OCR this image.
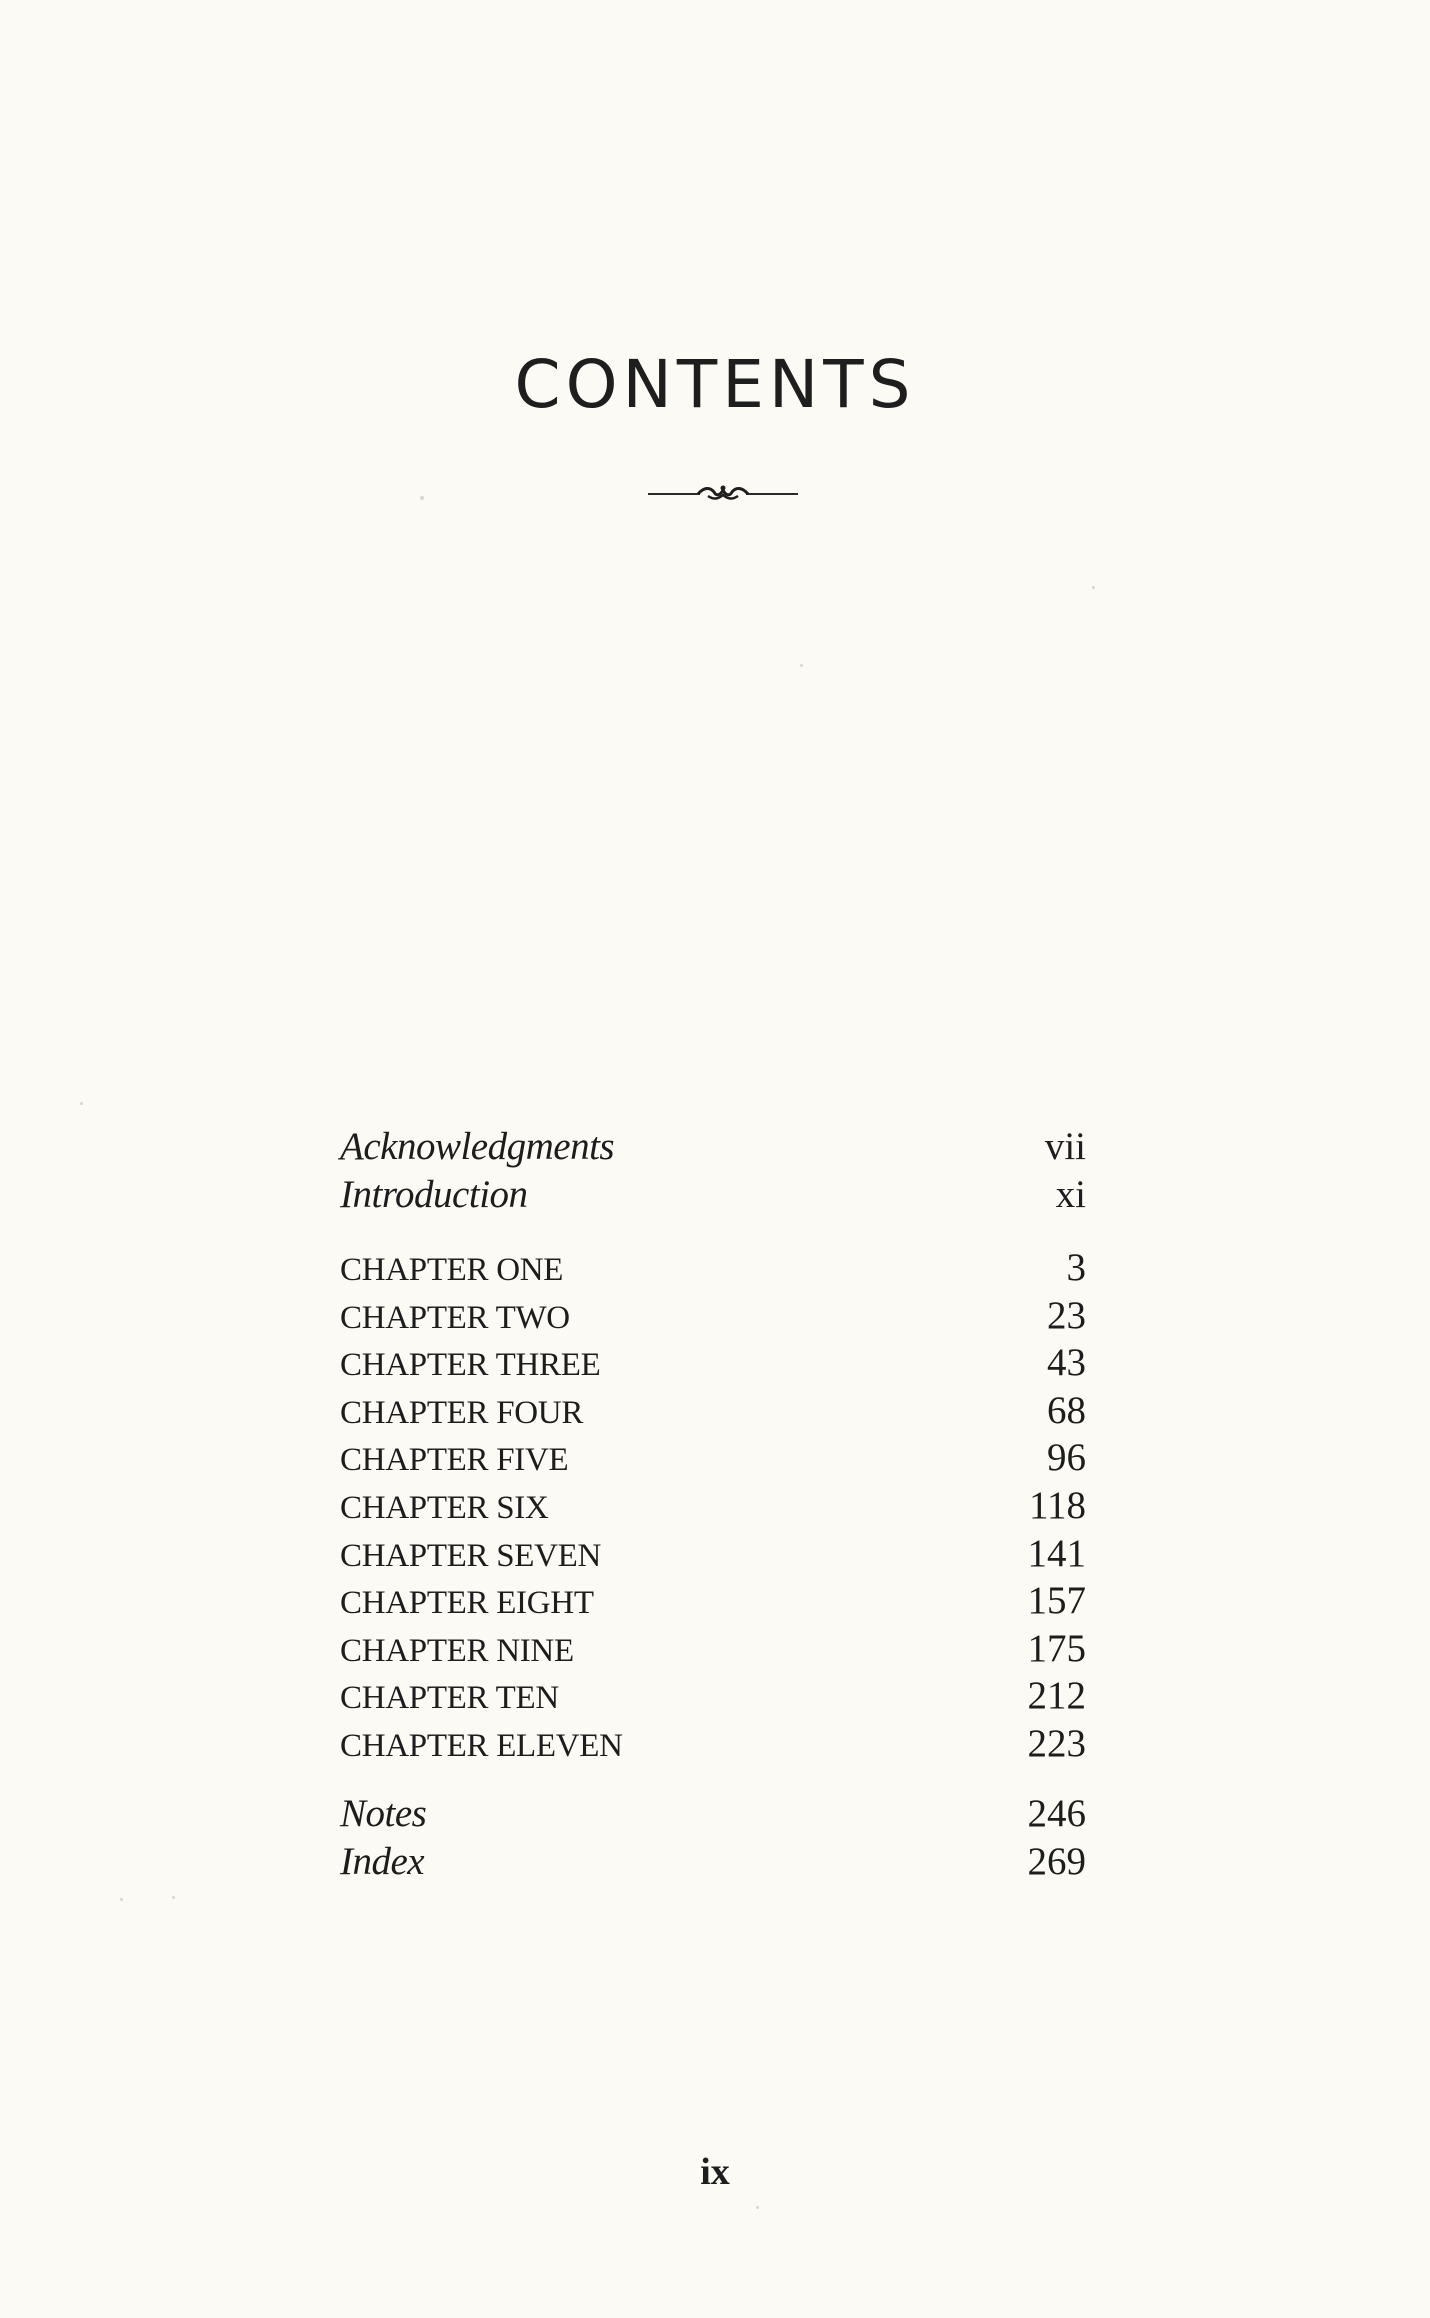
CONTENTS
Acknowledgments	vii
Introduction	xi
CHAPTER ONE	3
CHAPTER TWO	23
CHAPTER THREE	43
CHAPTER FOUR	68
CHAPTER FIVE	96
CHAPTER SIX	118
CHAPTER SEVEN	141
CHAPTER EIGHT	157
CHAPTER NINE	175
CHAPTER TEN	212
CHAPTER ELEVEN	223
Notes	246
Index	269
ix
